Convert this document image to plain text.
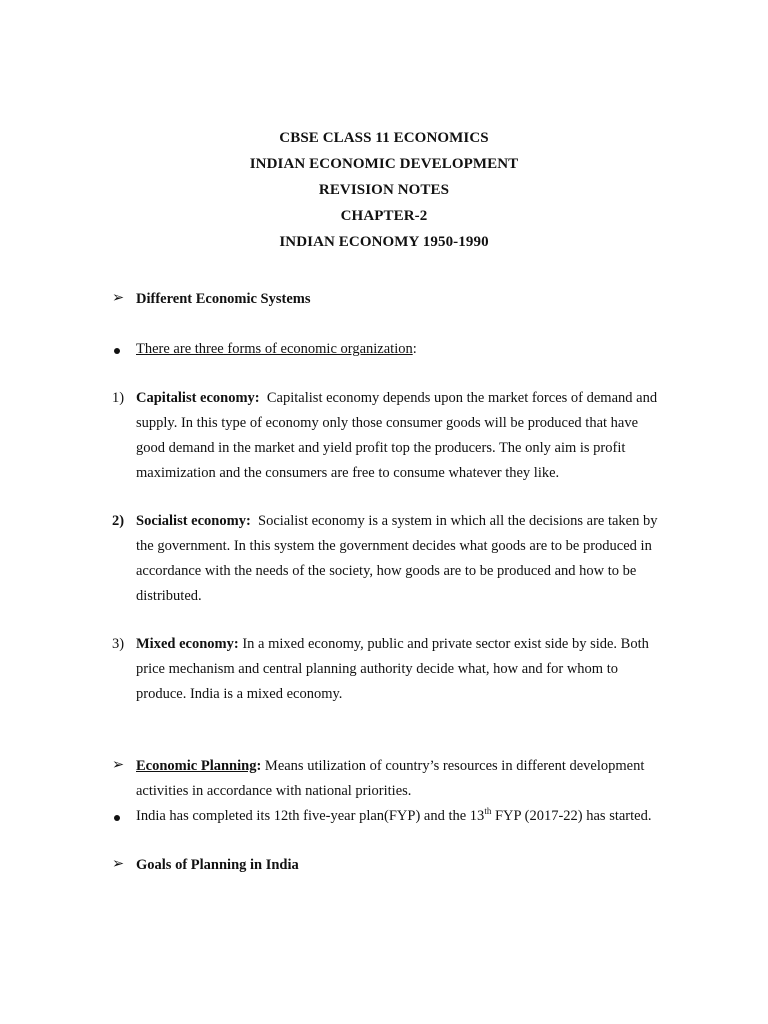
CBSE CLASS 11 ECONOMICS
INDIAN ECONOMIC DEVELOPMENT
REVISION NOTES
CHAPTER-2
INDIAN ECONOMY 1950-1990
➢ Different Economic Systems
There are three forms of economic organization:
1) Capitalist economy: Capitalist economy depends upon the market forces of demand and
supply. In this type of economy only those consumer goods will be produced that have
good demand in the market and yield profit top the producers. The only aim is profit
maximization and the consumers are free to consume whatever they like.
2) Socialist economy: Socialist economy is a system in which all the decisions are taken by
the government. In this system the government decides what goods are to be produced in
accordance with the needs of the society, how goods are to be produced and how to be
distributed.
3) Mixed economy: In a mixed economy, public and private sector exist side by side. Both
price mechanism and central planning authority decide what, how and for whom to
produce. India is a mixed economy.
➢ Economic Planning: Means utilization of country’s resources in different development
activities in accordance with national priorities.
India has completed its 12th five-year plan(FYP) and the 13th FYP (2017-22) has started.
➢ Goals of Planning in India
